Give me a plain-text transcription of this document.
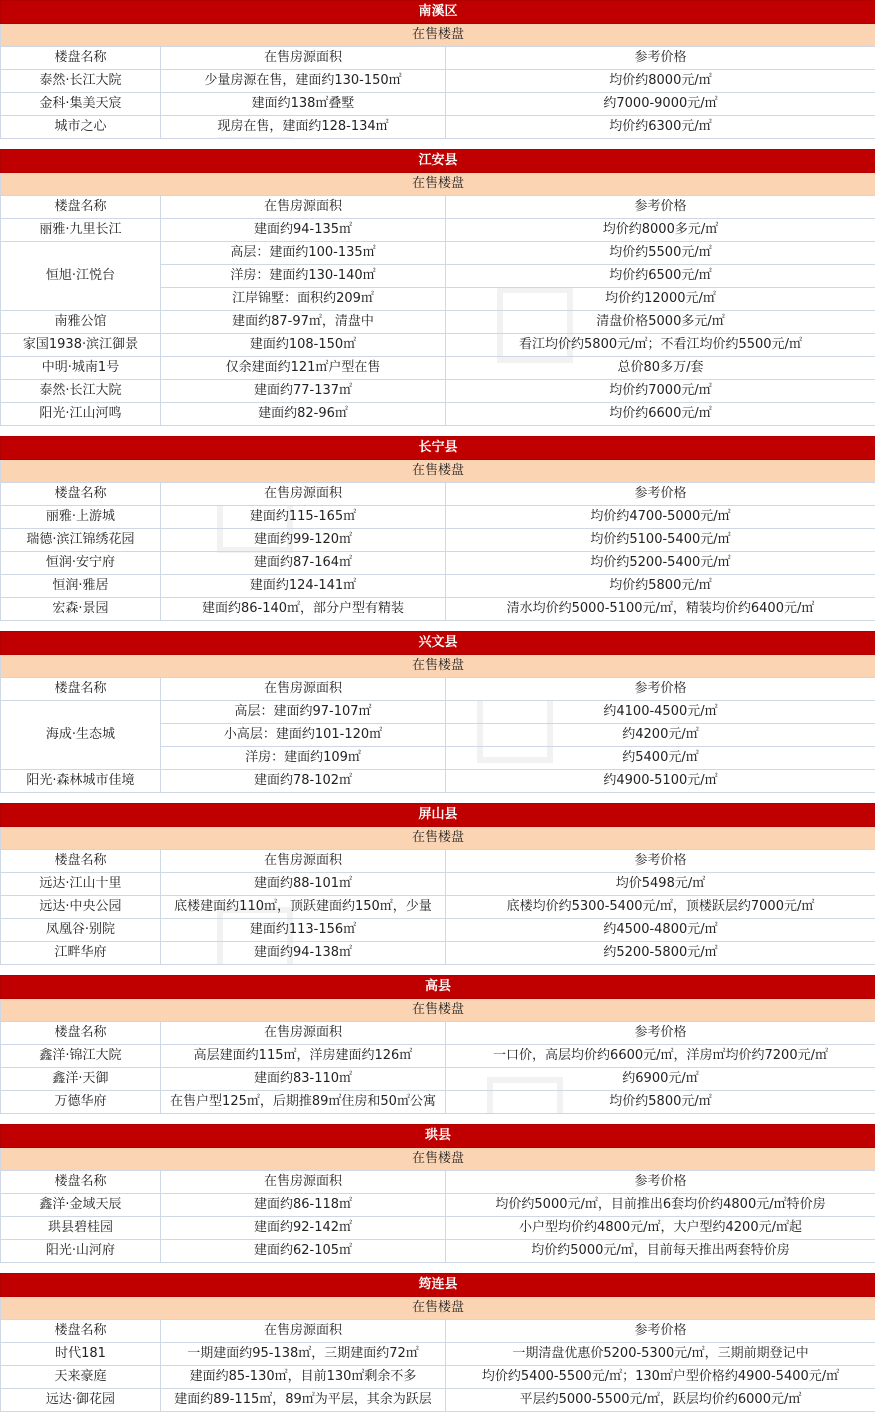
南溪区		
在售楼盘		
楼盘名称	在售房源面积	参考价格
泰然·长江大院	少量房源在售，建面约130-150㎡	均价约8000元/㎡
金科·集美天宸	建面约138㎡叠墅	约7000-9000元/㎡
城市之心	现房在售，建面约128-134㎡	均价约6300元/㎡
江安县		
在售楼盘		
楼盘名称	在售房源面积	参考价格
丽雅·九里长江	建面约94-135㎡	均价约8000多元/㎡
恒旭·江悦台	高层：建面约100-135㎡	均价约5500元/㎡
	洋房：建面约130-140㎡	均价约6500元/㎡
	江岸锦墅：面积约209㎡	均价约12000元/㎡
南雅公馆	建面约87-97㎡，清盘中	清盘价格5000多元/㎡
家国1938·滨江御景	建面约108-150㎡	看江均价约5800元/㎡；不看江均价约5500元/㎡
中明·城南1号	仅余建面约121㎡户型在售	总价80多万/套
泰然·长江大院	建面约77-137㎡	均价约7000元/㎡
阳光·江山河鸣	建面约82-96㎡	均价约6600元/㎡
长宁县		
在售楼盘		
楼盘名称	在售房源面积	参考价格
丽雅·上游城	建面约115-165㎡	均价约4700-5000元/㎡
瑞德·滨江锦绣花园	建面约99-120㎡	均价约5100-5400元/㎡
恒润·安宁府	建面约87-164㎡	均价约5200-5400元/㎡
恒润·雅居	建面约124-141㎡	均价约5800元/㎡
宏森·景园	建面约86-140㎡，部分户型有精装	清水均价约5000-5100元/㎡，精装均价约6400元/㎡
兴文县		
在售楼盘		
楼盘名称	在售房源面积	参考价格
海成·生态城	高层：建面约97-107㎡	约4100-4500元/㎡
	小高层：建面约101-120㎡	约4200元/㎡
	洋房：建面约109㎡	约5400元/㎡
阳光·森林城市佳境	建面约78-102㎡	约4900-5100元/㎡
屏山县		
在售楼盘		
楼盘名称	在售房源面积	参考价格
远达·江山十里	建面约88-101㎡	均价5498元/㎡
远达·中央公园	底楼建面约110㎡，顶跃建面约150㎡，少量	底楼均价约5300-5400元/㎡，顶楼跃层约7000元/㎡
凤凰谷·别院	建面约113-156㎡	约4500-4800元/㎡
江畔华府	建面约94-138㎡	约5200-5800元/㎡
高县		
在售楼盘		
楼盘名称	在售房源面积	参考价格
鑫洋·锦江大院	高层建面约115㎡，洋房建面约126㎡	一口价，高层均价约6600元/㎡，洋房㎡均价约7200元/㎡
鑫洋·天御	建面约83-110㎡	约6900元/㎡
万德华府	在售户型125㎡，后期推89㎡住房和50㎡公寓	均价约5800元/㎡
珙县		
在售楼盘		
楼盘名称	在售房源面积	参考价格
鑫洋·金域天辰	建面约86-118㎡	均价约5000元/㎡，目前推出6套均价约4800元/㎡特价房
珙县碧桂园	建面约92-142㎡	小户型均价约4800元/㎡，大户型约4200元/㎡起
阳光·山河府	建面约62-105㎡	均价约5000元/㎡，目前每天推出两套特价房
筠连县		
在售楼盘		
楼盘名称	在售房源面积	参考价格
时代181	一期建面约95-138㎡，三期建面约72㎡	一期清盘优惠价5200-5300元/㎡，三期前期登记中
天来豪庭	建面约85-130㎡，目前130㎡剩余不多	均价约5400-5500元/㎡；130㎡户型价格约4900-5400元/㎡
远达·御花园	建面约89-115㎡，89㎡为平层，其余为跃层	平层约5000-5500元/㎡，跃层均价约6000元/㎡
